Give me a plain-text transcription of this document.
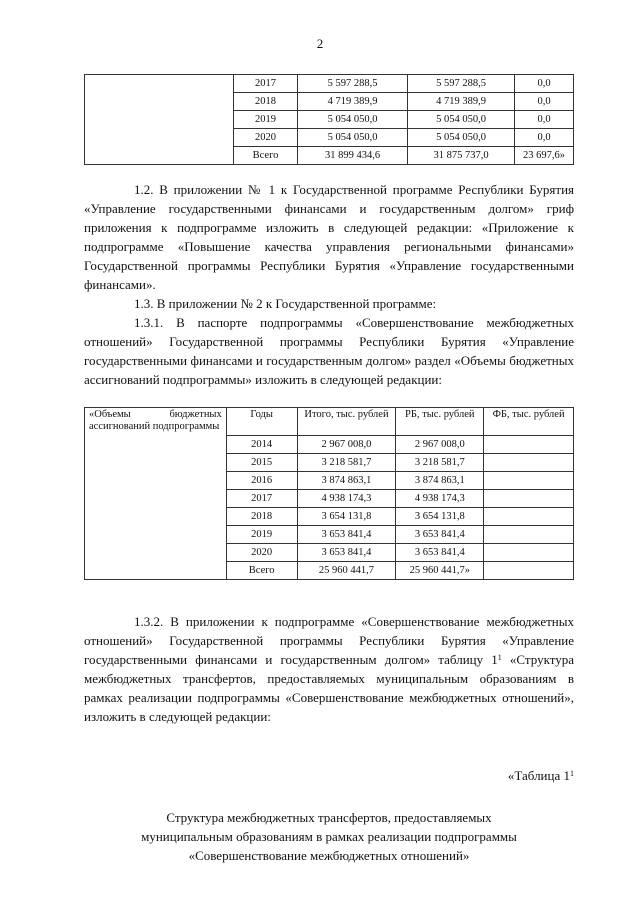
2
	2017	5 597 288,5	5 597 288,5	0,0
	2018	4 719 389,9	4 719 389,9	0,0
	2019	5 054 050,0	5 054 050,0	0,0
	2020	5 054 050,0	5 054 050,0	0,0
	Всего	31 899 434,6	31 875 737,0	23 697,6»

1.2. В приложении № 1 к Государственной программе Республики Бурятия «Управление государственными финансами и государственным долгом» гриф приложения к подпрограмме изложить в следующей редакции: «Приложение к подпрограмме «Повышение качества управления региональными финансами» Государственной программы Республики Бурятия «Управление государственными финансами».

1.3. В приложении № 2 к Государственной программе:

1.3.1. В паспорте подпрограммы «Совершенствование межбюджетных отношений» Государственной программы Республики Бурятия «Управление государственными финансами и государственным долгом» раздел «Объемы бюджетных ассигнований подпрограммы» изложить в следующей редакции:

«Объемы бюджетных ассигнований подпрограммы	Годы	Итого, тыс. рублей	РБ, тыс. рублей	ФБ, тыс. рублей
	2014	2 967 008,0	2 967 008,0	
	2015	3 218 581,7	3 218 581,7	
	2016	3 874 863,1	3 874 863,1	
	2017	4 938 174,3	4 938 174,3	
	2018	3 654 131,8	3 654 131,8	
	2019	3 653 841,4	3 653 841,4	
	2020	3 653 841,4	3 653 841,4	
	Всего	25 960 441,7	25 960 441,7»	

1.3.2. В приложении к подпрограмме «Совершенствование межбюджетных отношений» Государственной программы Республики Бурятия «Управление государственными финансами и государственным долгом» таблицу $1^1$ «Структура межбюджетных трансфертов, предоставляемых муниципальным образованиям в рамках реализации подпрограммы «Совершенствование межбюджетных отношений», изложить в следующей редакции:

«Таблица $1^1$
Структура межбюджетных трансфертов, предоставляемых
муниципальным образованиям в рамках реализации подпрограммы
«Совершенствование межбюджетных отношений»
